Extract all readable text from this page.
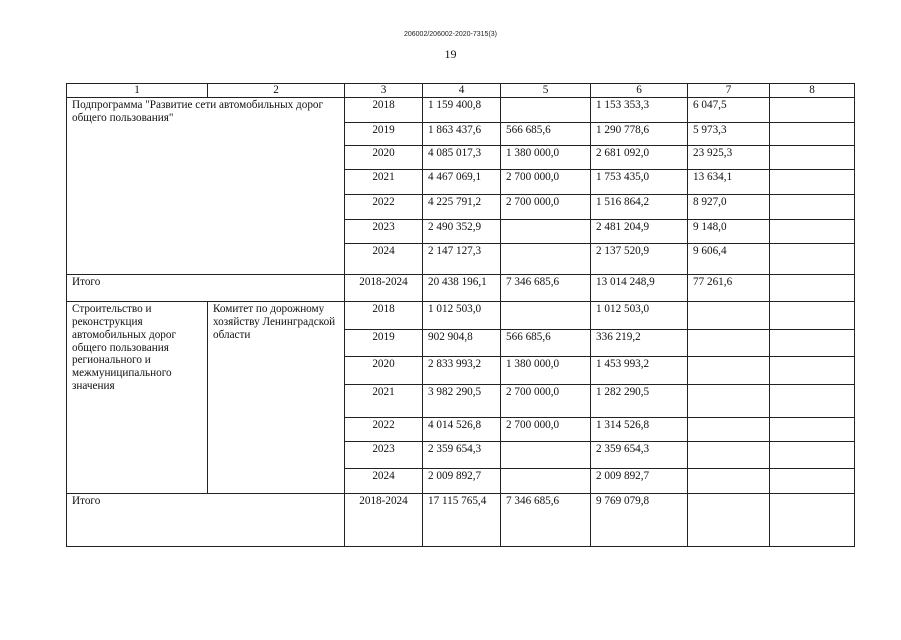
206002/206002-2020-7315(3)
19
1	2	3	4	5	6	7	8
Подпрограмма "Развитие сети автомобильных дорог общего пользования"		2018	1 159 400,8		1 153 353,3	6 047,5	
		2019	1 863 437,6	566 685,6	1 290 778,6	5 973,3	
		2020	4 085 017,3	1 380 000,0	2 681 092,0	23 925,3	
		2021	4 467 069,1	2 700 000,0	1 753 435,0	13 634,1	
		2022	4 225 791,2	2 700 000,0	1 516 864,2	8 927,0	
		2023	2 490 352,9		2 481 204,9	9 148,0	
		2024	2 147 127,3		2 137 520,9	9 606,4	
Итого		2018-2024	20 438 196,1	7 346 685,6	13 014 248,9	77 261,6	
Строительство и реконструкция автомобильных дорог общего пользования регионального и межмуниципального значения	Комитет по дорожному хозяйству Ленинградской области	2018	1 012 503,0		1 012 503,0		
		2019	902 904,8	566 685,6	336 219,2		
		2020	2 833 993,2	1 380 000,0	1 453 993,2		
		2021	3 982 290,5	2 700 000,0	1 282 290,5		
		2022	4 014 526,8	2 700 000,0	1 314 526,8		
		2023	2 359 654,3		2 359 654,3		
		2024	2 009 892,7		2 009 892,7		
Итого		2018-2024	17 115 765,4	7 346 685,6	9 769 079,8		
